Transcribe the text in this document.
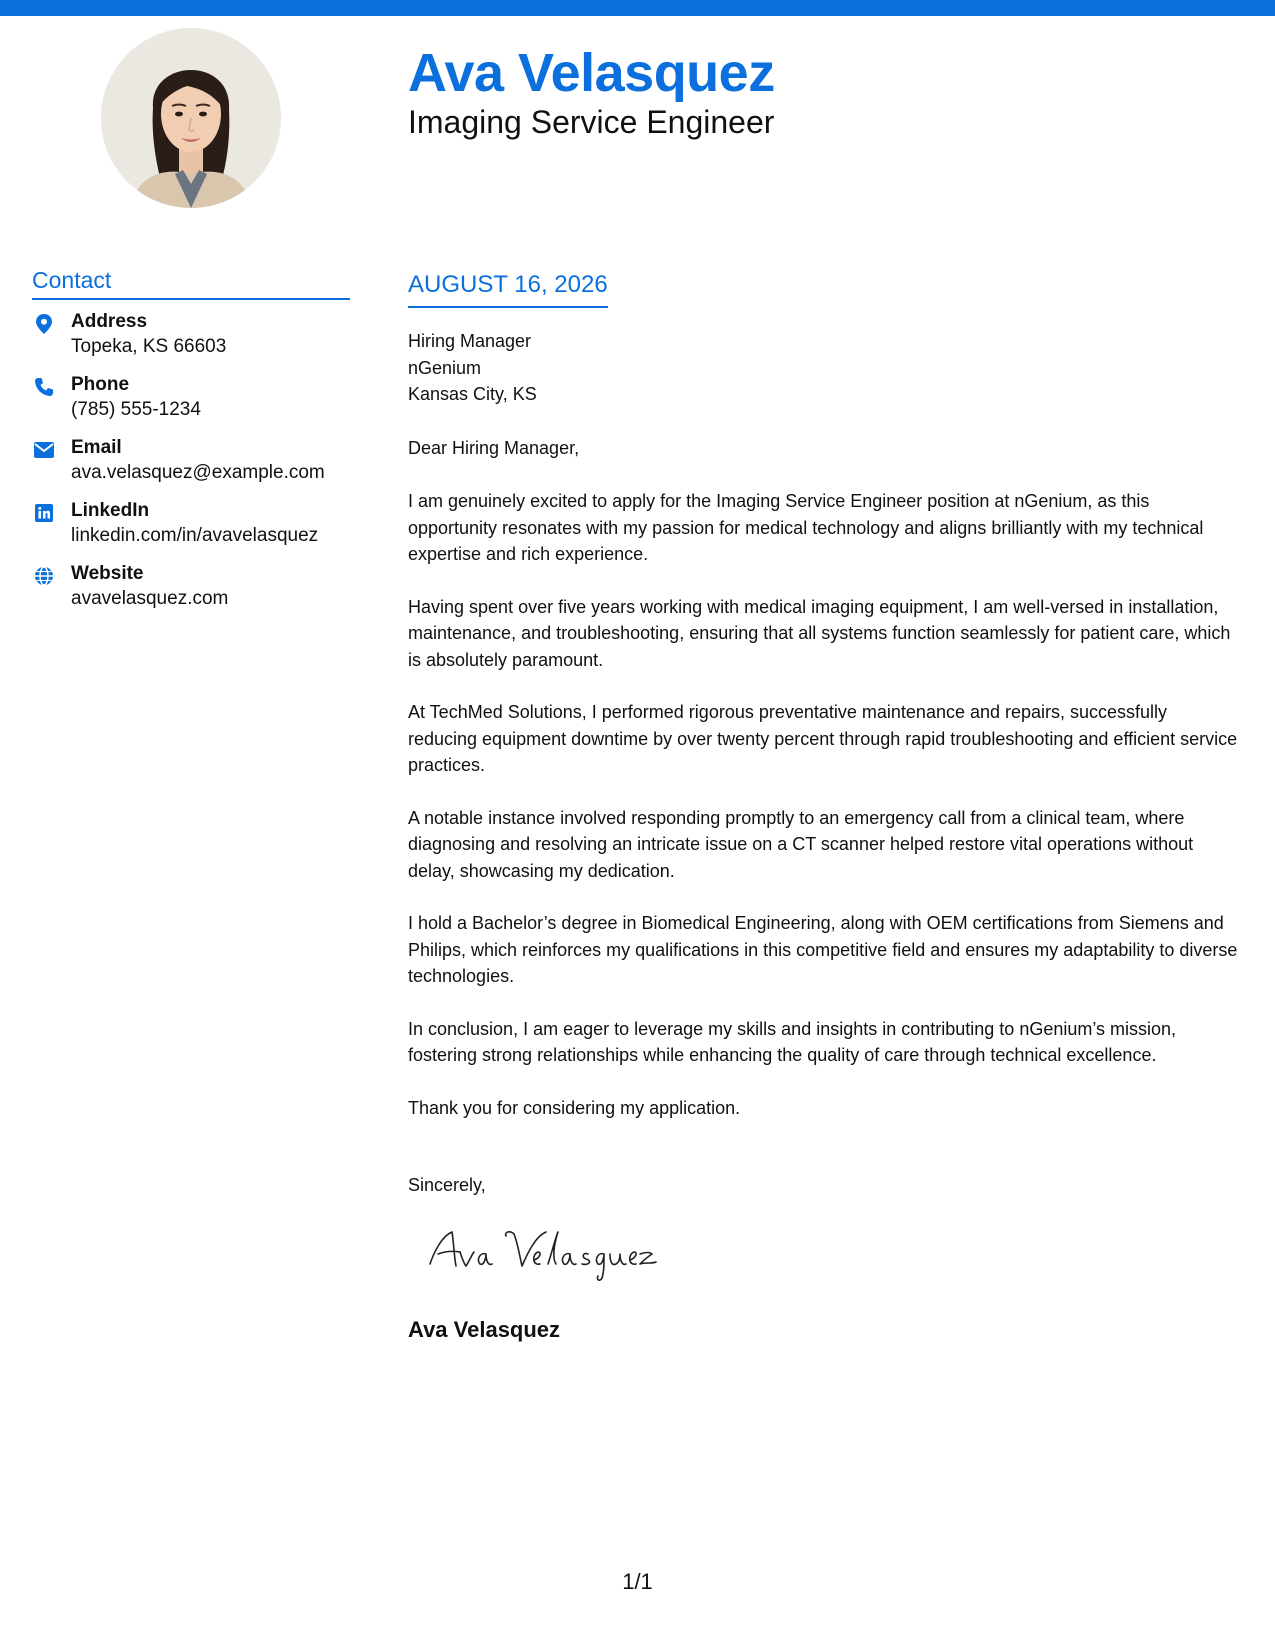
Ava Velasquez
Imaging Service Engineer
Contact
Address
Topeka, KS 66603
Phone
(785) 555-1234
Email
ava.velasquez@example.com
LinkedIn
linkedin.com/in/avavelasquez
Website
avavelasquez.com
AUGUST 16, 2026
Hiring Manager
nGenium
Kansas City, KS
Dear Hiring Manager,

I am genuinely excited to apply for the Imaging Service Engineer position at nGenium, as this opportunity resonates with my passion for medical technology and aligns brilliantly with my technical expertise and rich experience.

Having spent over five years working with medical imaging equipment, I am well-versed in installation, maintenance, and troubleshooting, ensuring that all systems function seamlessly for patient care, which is absolutely paramount.

At TechMed Solutions, I performed rigorous preventative maintenance and repairs, successfully reducing equipment downtime by over twenty percent through rapid troubleshooting and efficient service practices.

A notable instance involved responding promptly to an emergency call from a clinical team, where diagnosing and resolving an intricate issue on a CT scanner helped restore vital operations without delay, showcasing my dedication.

I hold a Bachelor’s degree in Biomedical Engineering, along with OEM certifications from Siemens and Philips, which reinforces my qualifications in this competitive field and ensures my adaptability to diverse technologies.

In conclusion, I am eager to leverage my skills and insights in contributing to nGenium’s mission, fostering strong relationships while enhancing the quality of care through technical excellence.

Thank you for considering my application.

Sincerely,
Ava Velasquez
1/1
